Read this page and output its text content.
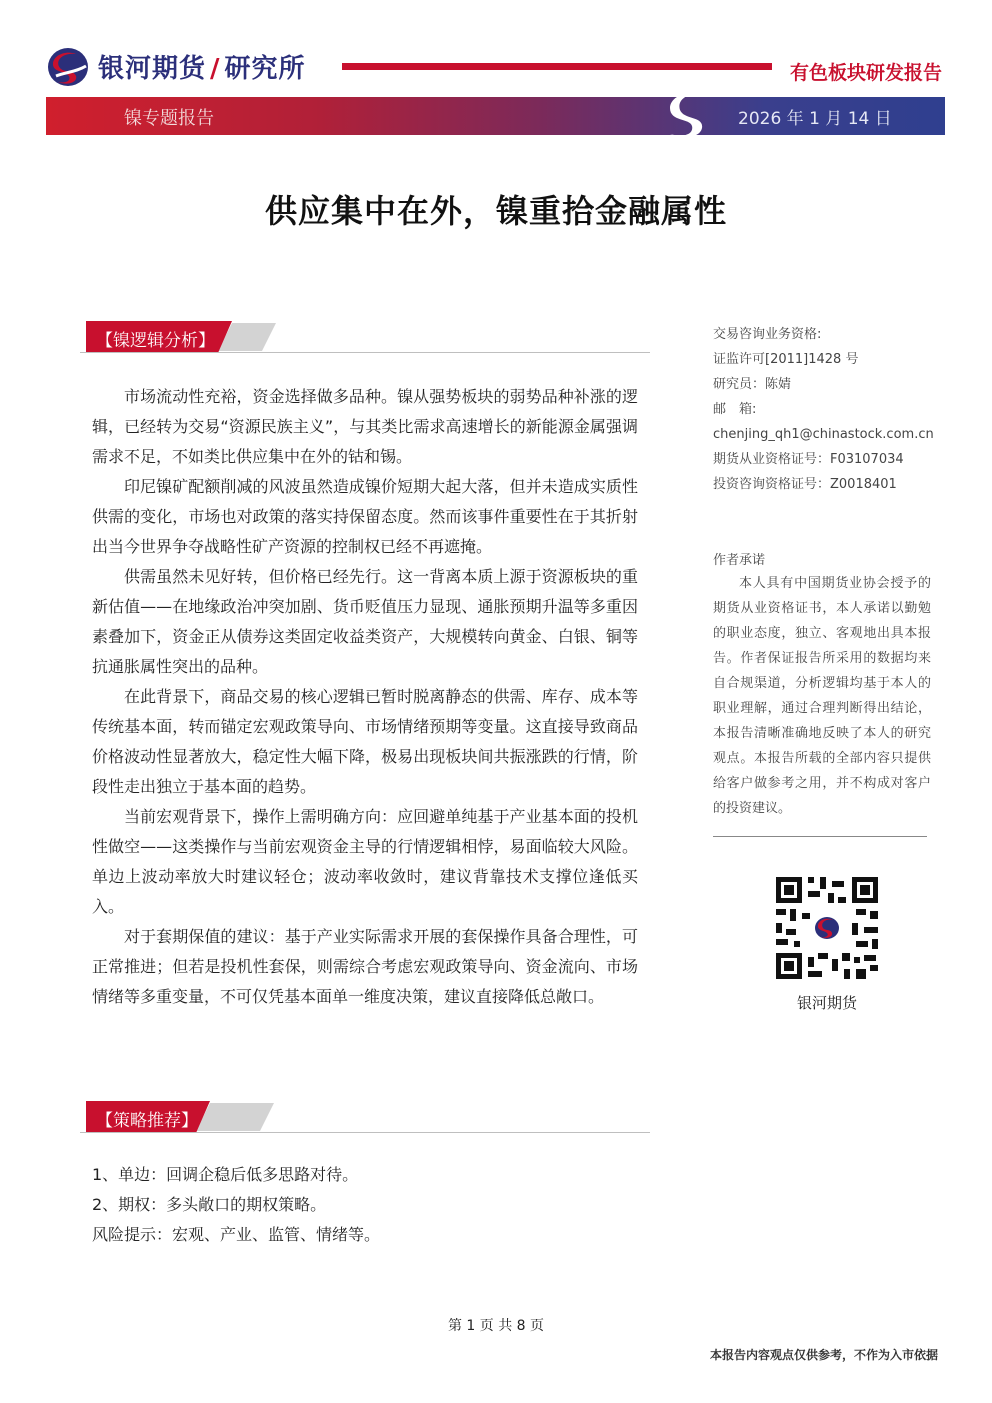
银河期货 / 研究所	有色板块研发报告
镍专题报告	2026 年 1 月 14 日
供应集中在外，镍重拾金融属性
【镍逻辑分析】

市场流动性充裕，资金选择做多品种。镍从强势板块的弱势品种补涨的逻辑，已经转为交易“资源民族主义”，与其类比需求高速增长的新能源金属强调需求不足，不如类比供应集中在外的钴和锡。

印尼镍矿配额削减的风波虽然造成镍价短期大起大落，但并未造成实质性供需的变化，市场也对政策的落实持保留态度。然而该事件重要性在于其折射出当今世界争夺战略性矿产资源的控制权已经不再遮掩。

供需虽然未见好转，但价格已经先行。这一背离本质上源于资源板块的重新估值——在地缘政治冲突加剧、货币贬值压力显现、通胀预期升温等多重因素叠加下，资金正从债券这类固定收益类资产，大规模转向黄金、白银、铜等抗通胀属性突出的品种。

在此背景下，商品交易的核心逻辑已暂时脱离静态的供需、库存、成本等传统基本面，转而锚定宏观政策导向、市场情绪预期等变量。这直接导致商品价格波动性显著放大，稳定性大幅下降，极易出现板块间共振涨跌的行情，阶段性走出独立于基本面的趋势。

当前宏观背景下，操作上需明确方向：应回避单纯基于产业基本面的投机性做空——这类操作与当前宏观资金主导的行情逻辑相悖，易面临较大风险。单边上波动率放大时建议轻仓；波动率收敛时，建议背靠技术支撑位逢低买入。

对于套期保值的建议：基于产业实际需求开展的套保操作具备合理性，可正常推进；但若是投机性套保，则需综合考虑宏观政策导向、资金流向、市场情绪等多重变量，不可仅凭基本面单一维度决策，建议直接降低总敞口。

【策略推荐】
1、单边：回调企稳后低多思路对待。
2、期权：多头敞口的期权策略。
风险提示：宏观、产业、监管、情绪等。
交易咨询业务资格:
证监许可[2011]1428 号
研究员：陈婧
邮　箱:
chenjing_qh1@chinastock.com.cn
期货从业资格证号：F03107034
投资咨询资格证号：Z0018401
作者承诺

本人具有中国期货业协会授予的期货从业资格证书，本人承诺以勤勉的职业态度，独立、客观地出具本报告。作者保证报告所采用的数据均来自合规渠道，分析逻辑均基于本人的职业理解，通过合理判断得出结论，本报告清晰准确地反映了本人的研究观点。本报告所载的全部内容只提供给客户做参考之用，并不构成对客户的投资建议。

银河期货
第 1 页 共 8 页
本报告内容观点仅供参考，不作为入市依据
